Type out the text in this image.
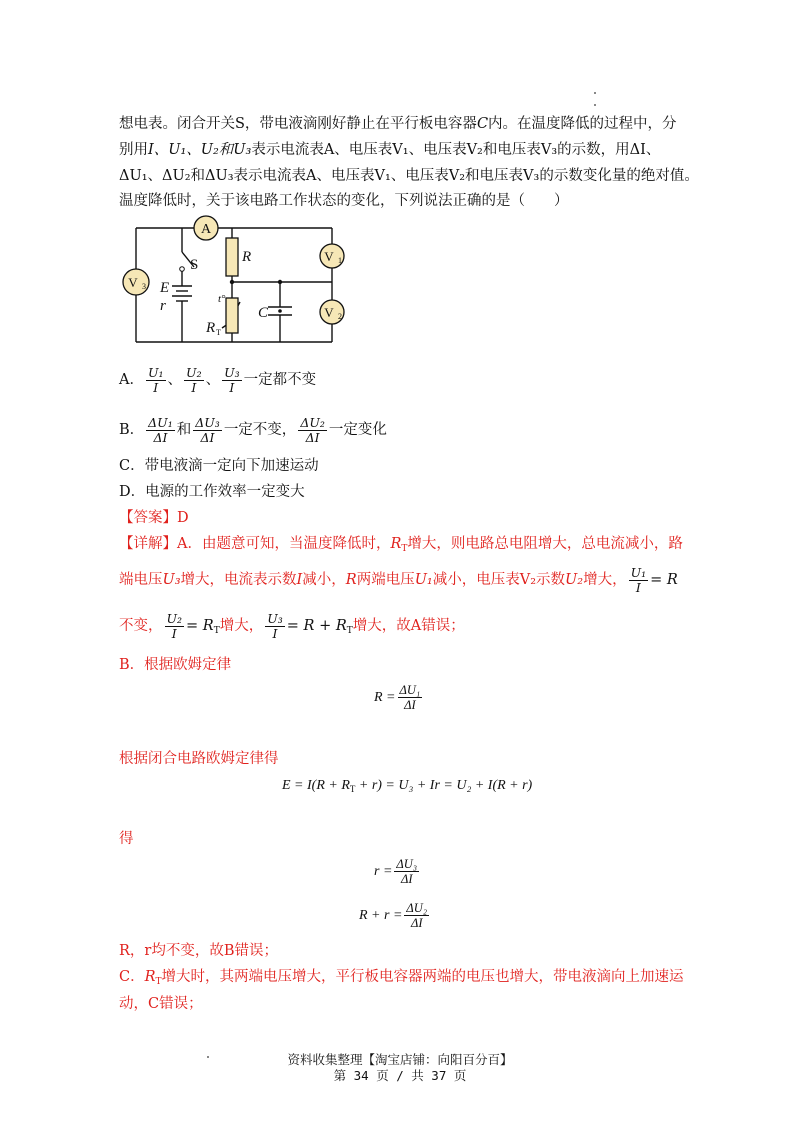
想电表。闭合开关S，带电液滴刚好静止在平行板电容器C内。在温度降低的过程中，分
别用I、U₁、U₂和U₃表示电流表A、电压表V₁、电压表V₂和电压表V₃的示数，用ΔI、
ΔU₁、ΔU₂和ΔU₃表示电流表A、电压表V₁、电压表V₂和电压表V₃的示数变化量的绝对值。
温度降低时，关于该电路工作状态的变化，下列说法正确的是（　　）
A
V 1
V 2
V 3
S	R
E
r	t°
R T
C
A． $\frac{\text{U₁}}{I}$ 、 $\frac{\text{U₂}}{I}$ 、 $\frac{\text{U₃}}{I}$ 一定都不变
B． $\frac{\text{ΔU₁}}{\Delta I}$ 和 $\frac{\text{ΔU₃}}{\Delta I}$ 一定不变， $\frac{\text{ΔU₂}}{\Delta I}$ 一定变化
C．带电液滴一定向下加速运动
D．电源的工作效率一定变大
【答案】D
【详解】A．由题意可知，当温度降低时，$R_T$增大，则电路总电阻增大，总电流减小，路
端电压U₃增大，电流表示数I减小，R两端电压U₁减小，电压表V₂示数U₂增大， $\frac{\text{U₁}}{I} = R$
不变， $\frac{\text{U₂}}{I} = R_T$增大， $\frac{\text{U₃}}{I} = R + R_T$增大，故A错误；
B．根据欧姆定律
$R = \frac{\text{ΔU₁}}{\Delta I}$
根据闭合电路欧姆定律得
$E = I(R + R_T + r) = U_3 + Ir = U_2 + I(R + r)$
得
$r = \frac{\text{ΔU₃}}{\Delta I}$
$R + r = \frac{\text{ΔU₂}}{\Delta I}$
R，r均不变，故B错误；
C．$R_T$增大时，其两端电压增大，平行板电容器两端的电压也增大，带电液滴向上加速运
动，C错误；
资料收集整理【淘宝店铺：向阳百分百】
第 34 页 / 共 37 页
